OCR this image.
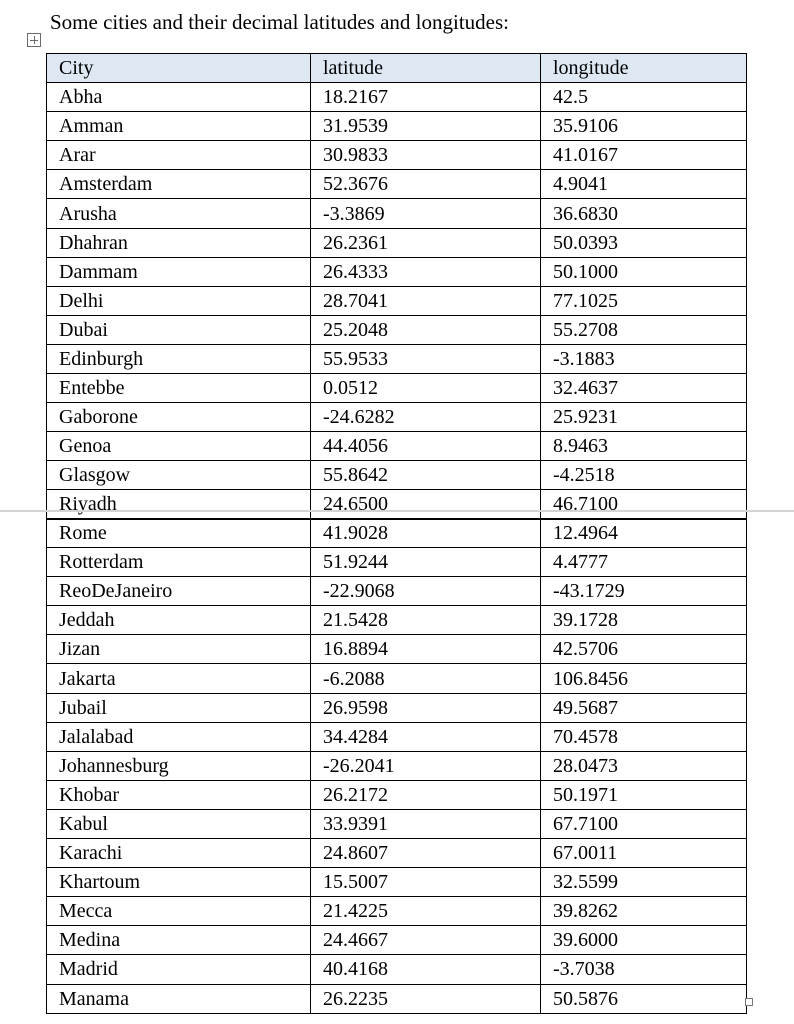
Some cities and their decimal latitudes and longitudes:
City	latitude	longitude
Abha	18.2167	42.5
Amman	31.9539	35.9106
Arar	30.9833	41.0167
Amsterdam	52.3676	4.9041
Arusha	-3.3869	36.6830
Dhahran	26.2361	50.0393
Dammam	26.4333	50.1000
Delhi	28.7041	77.1025
Dubai	25.2048	55.2708
Edinburgh	55.9533	-3.1883
Entebbe	0.0512	32.4637
Gaborone	-24.6282	25.9231
Genoa	44.4056	8.9463
Glasgow	55.8642	-4.2518
Riyadh	24.6500	46.7100
Rome	41.9028	12.4964
Rotterdam	51.9244	4.4777
ReoDeJaneiro	-22.9068	-43.1729
Jeddah	21.5428	39.1728
Jizan	16.8894	42.5706
Jakarta	-6.2088	106.8456
Jubail	26.9598	49.5687
Jalalabad	34.4284	70.4578
Johannesburg	-26.2041	28.0473
Khobar	26.2172	50.1971
Kabul	33.9391	67.7100
Karachi	24.8607	67.0011
Khartoum	15.5007	32.5599
Mecca	21.4225	39.8262
Medina	24.4667	39.6000
Madrid	40.4168	-3.7038
Manama	26.2235	50.5876
